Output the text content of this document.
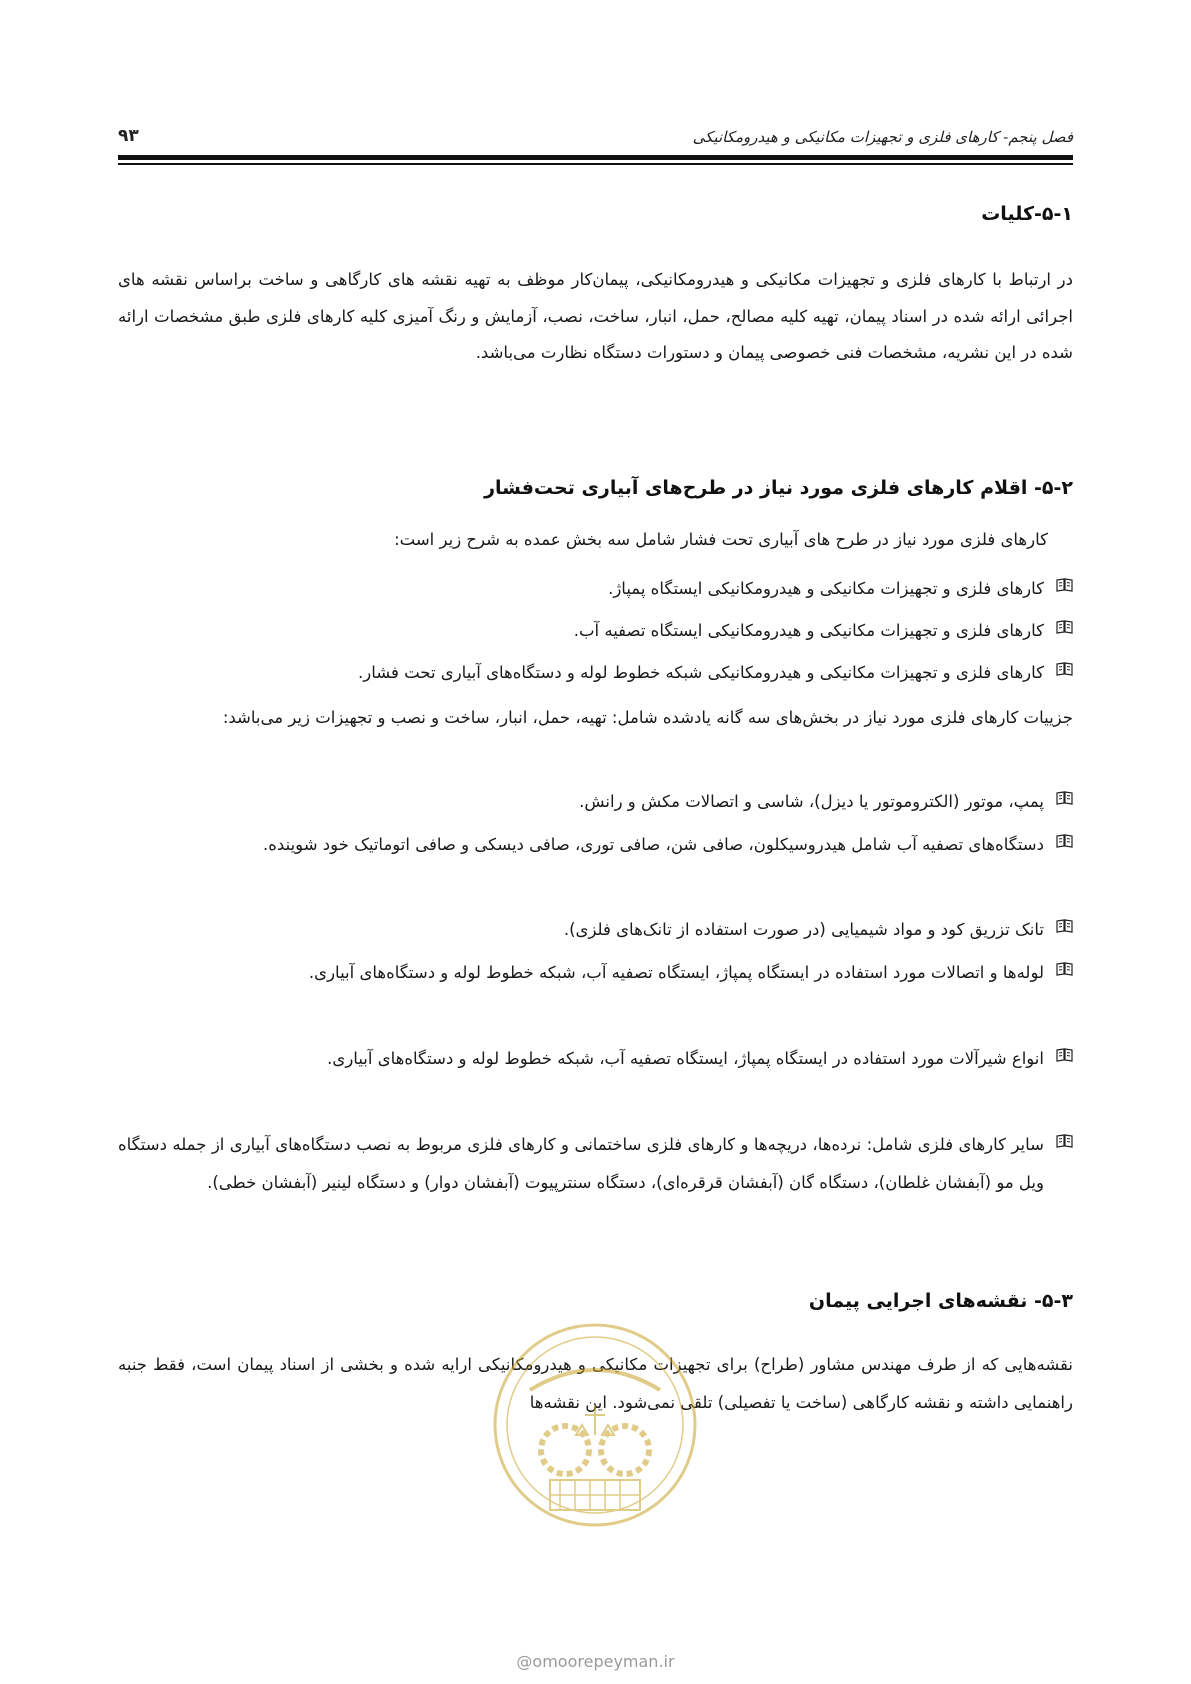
فصل پنجم- کارهای فلزی و تجهیزات مکانیکی و هیدرومکانیکی
۹۳
۵-۱-کلیات
در ارتباط با کارهای فلزی و تجهیزات مکانیکی و هیدرومکانیکی، پیمان‌کار موظف به تهیه نقشه های کارگاهی و ساخت براساس نقشه های اجرائی ارائه شده در اسناد پیمان، تهیه کلیه مصالح، حمل، انبار، ساخت، نصب، آزمایش و رنگ آمیزی کلیه کارهای فلزی طبق مشخصات ارائه شده در این نشریه، مشخصات فنی خصوصی پیمان و دستورات دستگاه نظارت می‌باشد.
۵-۲- اقلام کارهای فلزی مورد نیاز در طرح‌های آبیاری تحت‌فشار
کارهای فلزی مورد نیاز در طرح های آبیاری تحت فشار شامل سه بخش عمده به شرح زیر است:
کارهای فلزی و تجهیزات مکانیکی و هیدرومکانیکی ایستگاه پمپاژ.
کارهای فلزی و تجهیزات مکانیکی و هیدرومکانیکی ایستگاه تصفیه آب.
کارهای فلزی و تجهیزات مکانیکی و هیدرومکانیکی شبکه خطوط لوله و دستگاه‌های آبیاری تحت فشار.
جزییات کارهای فلزی مورد نیاز در بخش‌های سه گانه یادشده شامل: تهیه، حمل، انبار، ساخت و نصب و تجهیزات زیر می‌باشد:
پمپ، موتور (الکتروموتور یا دیزل)، شاسی و اتصالات مکش و رانش.
دستگاه‌های تصفیه آب شامل هیدروسیکلون، صافی شن، صافی توری، صافی دیسکی و صافی اتوماتیک خود شوینده.
تانک تزریق کود و مواد شیمیایی (در صورت استفاده از تانک‌های فلزی).
لوله‌ها و اتصالات مورد استفاده در ایستگاه پمپاژ، ایستگاه تصفیه آب، شبکه خطوط لوله و دستگاه‌های آبیاری.
انواع شیرآلات مورد استفاده در ایستگاه پمپاژ، ایستگاه تصفیه آب، شبکه خطوط لوله و دستگاه‌های آبیاری.
سایر کارهای فلزی شامل: نرده‌ها، دریچه‌ها و کارهای فلزی ساختمانی و کارهای فلزی مربوط به نصب دستگاه‌های آبیاری از جمله دستگاه ویل مو (آبفشان غلطان)، دستگاه گان (آبفشان قرقره‌ای)، دستگاه سنترپیوت (آبفشان دوار) و دستگاه لینیر (آبفشان خطی).
۵-۳- نقشه‌های اجرایی پیمان
نقشه‌هایی که از طرف مهندس مشاور (طراح) برای تجهیزات مکانیکی و هیدرومکانیکی ارایه شده و بخشی از اسناد پیمان است، فقط جنبه راهنمایی داشته و نقشه کارگاهی (ساخت یا تفصیلی) تلقی نمی‌شود. این نقشه‌ها
@omoorepeyman.ir
